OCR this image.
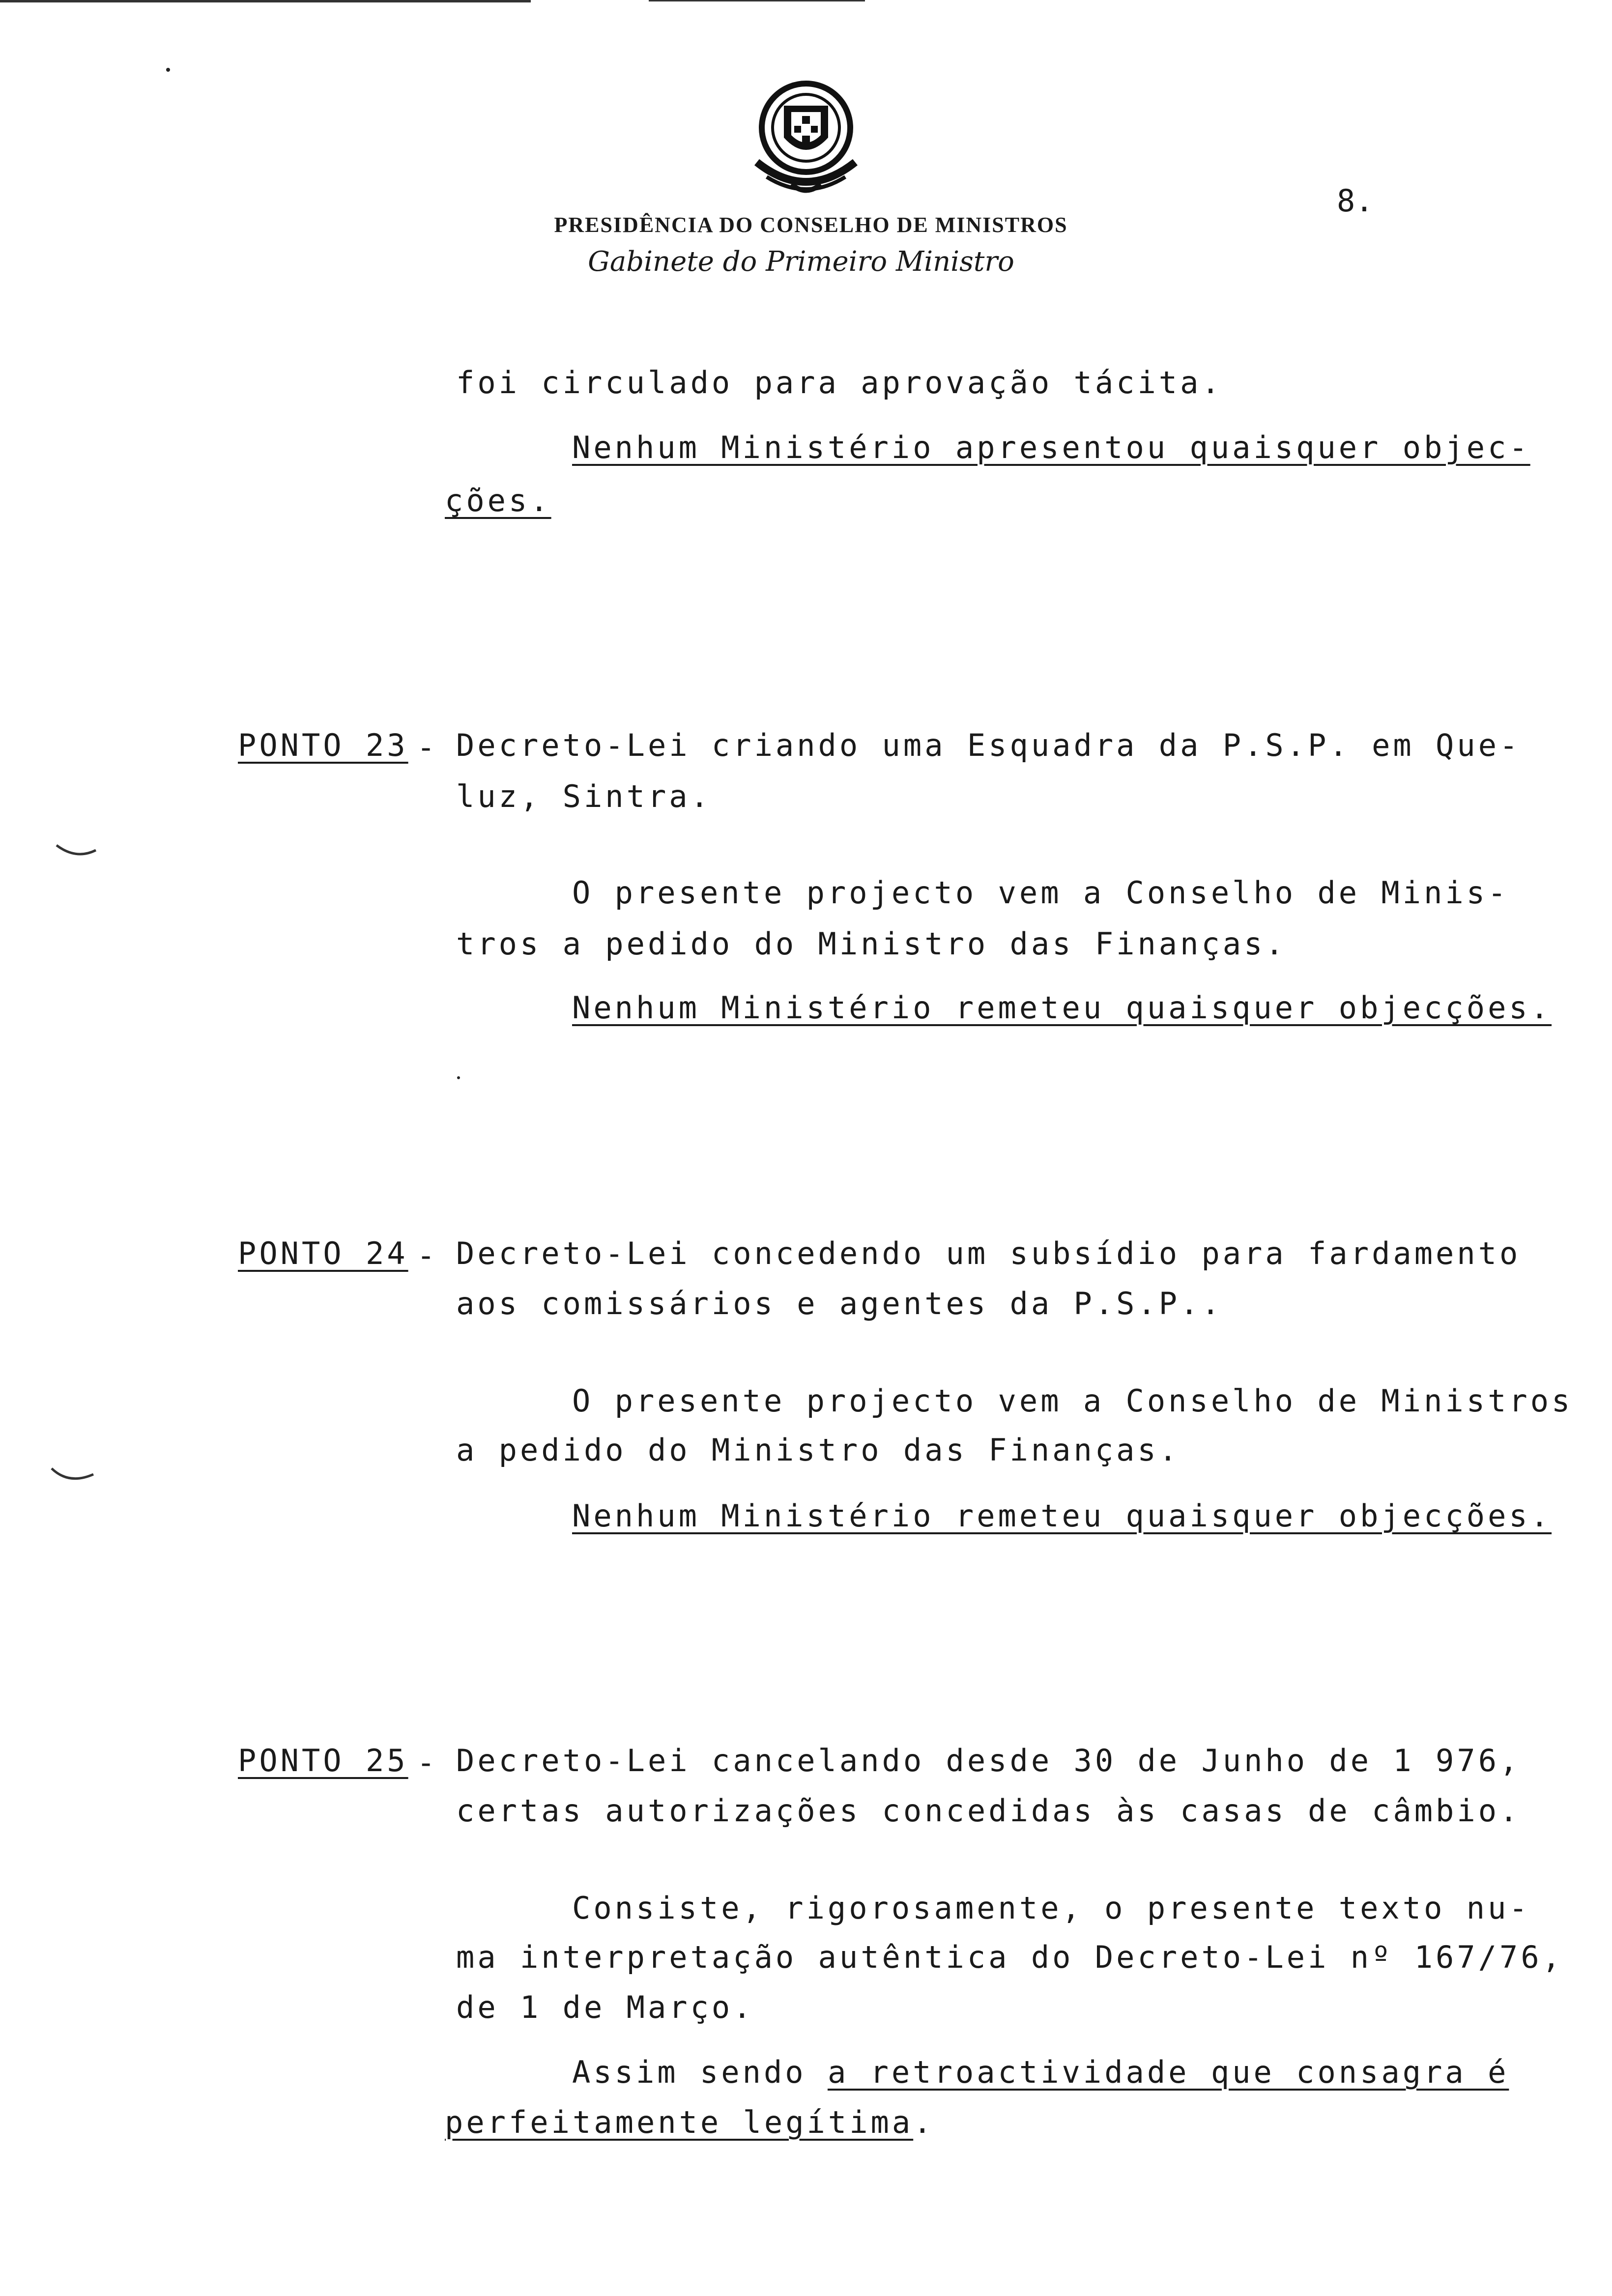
PRESIDÊNCIA DO CONSELHO DE MINISTROS
Gabinete do Primeiro Ministro
8.
foi circulado para aprovação tácita.
Nenhum Ministério apresentou quaisquer objec-
ções.
PONTO 23 - Decreto-Lei criando uma Esquadra da P.S.P. em Que-
luz, Sintra.
O presente projecto vem a Conselho de Minis-
tros a pedido do Ministro das Finanças.
Nenhum Ministério remeteu quaisquer objecções.
PONTO 24 - Decreto-Lei concedendo um subsídio para fardamento
aos comissários e agentes da P.S.P..
O presente projecto vem a Conselho de Ministros
a pedido do Ministro das Finanças.
Nenhum Ministério remeteu quaisquer objecções.
PONTO 25 - Decreto-Lei cancelando desde 30 de Junho de 1 976,
certas autorizações concedidas às casas de câmbio.
Consiste, rigorosamente, o presente texto nu-
ma interpretação autêntica do Decreto-Lei nº 167/76,
de 1 de Março.
Assim sendo a retroactividade que consagra é
perfeitamente legítima.
